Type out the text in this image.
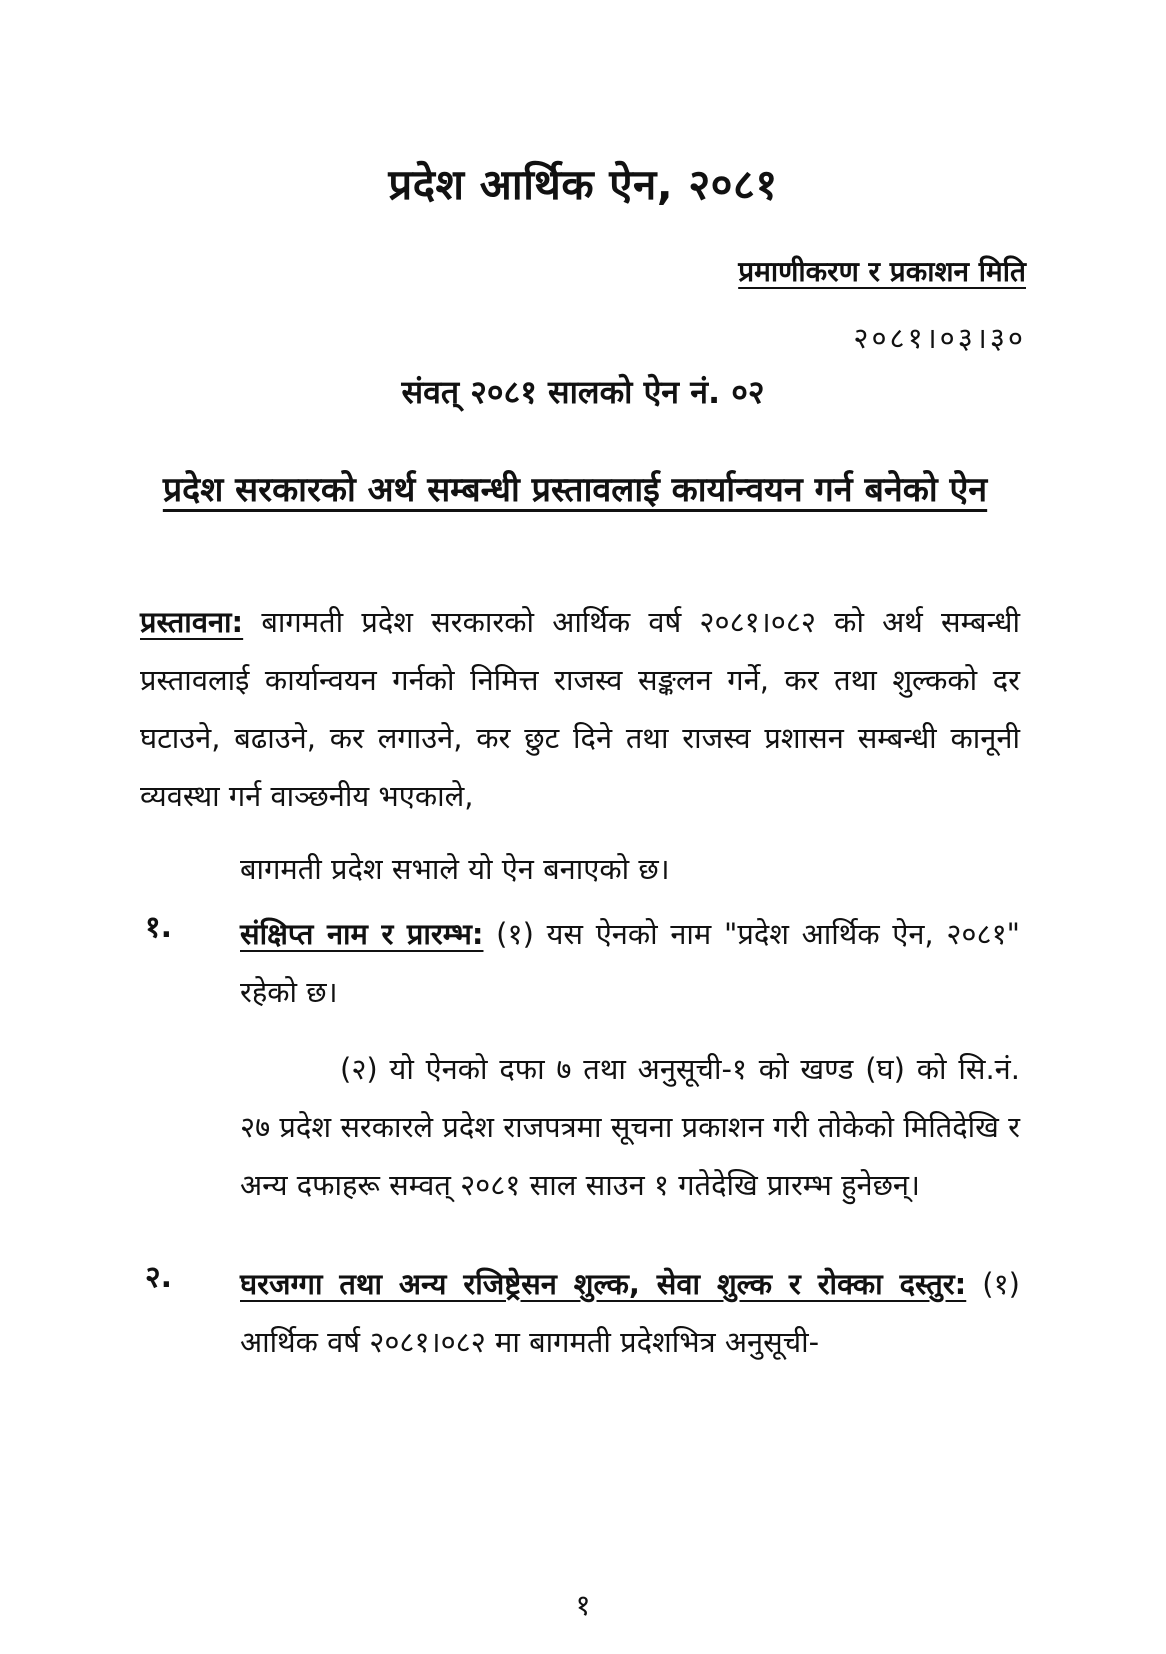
प्रदेश आर्थिक ऐन, २०८१
प्रमाणीकरण र प्रकाशन मिति
२०८१।०३।३०
संवत् २०८१ सालको ऐन नं. ०२
प्रदेश सरकारको अर्थ सम्बन्धी प्रस्तावलाई कार्यान्वयन गर्न बनेको ऐन
प्रस्तावना: बागमती प्रदेश सरकारको आर्थिक वर्ष २०८१।०८२ को अर्थ सम्बन्धी प्रस्तावलाई कार्यान्वयन गर्नको निमित्त राजस्व सङ्कलन गर्ने, कर तथा शुल्कको दर घटाउने, बढाउने, कर लगाउने, कर छुट दिने तथा राजस्व प्रशासन सम्बन्धी कानूनी व्यवस्था गर्न वाञ्छनीय भएकाले,
बागमती प्रदेश सभाले यो ऐन बनाएको छ।
१. संक्षिप्त नाम र प्रारम्भ: (१) यस ऐनको नाम "प्रदेश आर्थिक ऐन, २०८१" रहेको छ।
(२) यो ऐनको दफा ७ तथा अनुसूची-१ को खण्ड (घ) को सि.नं. २७ प्रदेश सरकारले प्रदेश राजपत्रमा सूचना प्रकाशन गरी तोकेको मितिदेखि र अन्य दफाहरू सम्वत् २०८१ साल साउन १ गतेदेखि प्रारम्भ हुनेछन्।
२. घरजग्गा तथा अन्य रजिष्ट्रेसन शुल्क, सेवा शुल्क र रोक्का दस्तुर: (१) आर्थिक वर्ष २०८१।०८२ मा बागमती प्रदेशभित्र अनुसूची-
१
